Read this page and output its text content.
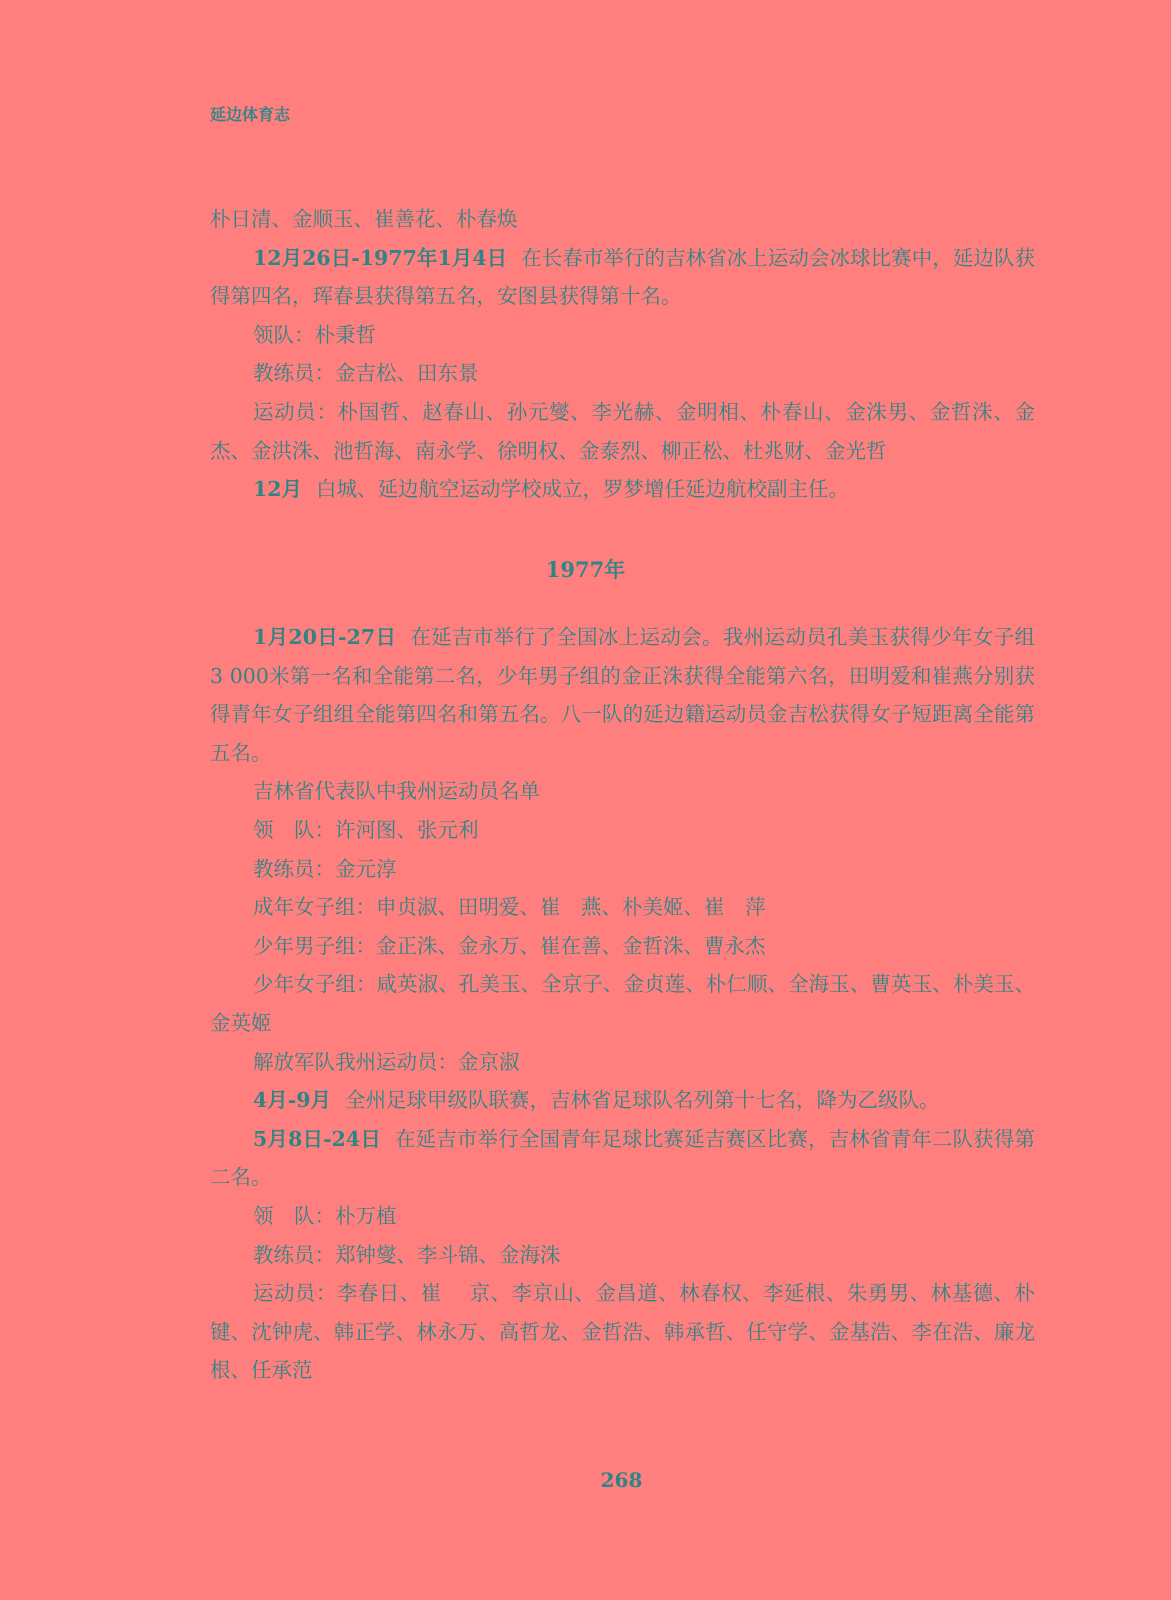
延边体育志

朴日清、金顺玉、崔善花、朴春焕

12月26日-1977年1月4日 在长春市举行的吉林省冰上运动会冰球比赛中，延边队获得第四名，珲春县获得第五名，安图县获得第十名。

领队：朴秉哲

教练员：金吉松、田东景

运动员：朴国哲、赵春山、孙元燮、李光赫、金明相、朴春山、金洙男、金哲洙、金　杰、金洪洙、池哲海、南永学、徐明权、金泰烈、柳正松、杜兆财、金光哲

12月 白城、延边航空运动学校成立，罗梦增任延边航校副主任。

1977年

1月20日-27日 在延吉市举行了全国冰上运动会。我州运动员孔美玉获得少年女子组3 000米第一名和全能第二名，少年男子组的金正洙获得全能第六名，田明爱和崔燕分别获得青年女子组组全能第四名和第五名。八一队的延边籍运动员金吉松获得女子短距离全能第五名。

吉林省代表队中我州运动员名单

领　队：许河图、张元利

教练员：金元淳

成年女子组：申贞淑、田明爱、崔　燕、朴美姬、崔　萍

少年男子组：金正洙、金永万、崔在善、金哲洙、曹永杰

少年女子组：咸英淑、孔美玉、全京子、金贞莲、朴仁顺、全海玉、曹英玉、朴美玉、金英姬

解放军队我州运动员：金京淑

4月-9月 全州足球甲级队联赛，吉林省足球队名列第十七名，降为乙级队。

5月8日-24日 在延吉市举行全国青年足球比赛延吉赛区比赛，吉林省青年二队获得第二名。

领　队：朴万植

教练员：郑钟燮、李斗锦、金海洙

运动员：李春日、崔　 京、李京山、金昌道、林春权、李延根、朱勇男、林基德、朴　 键、沈钟虎、韩正学、林永万、高哲龙、金哲浩、韩承哲、任守学、金基浩、李在浩、廉龙根、任承范

268
